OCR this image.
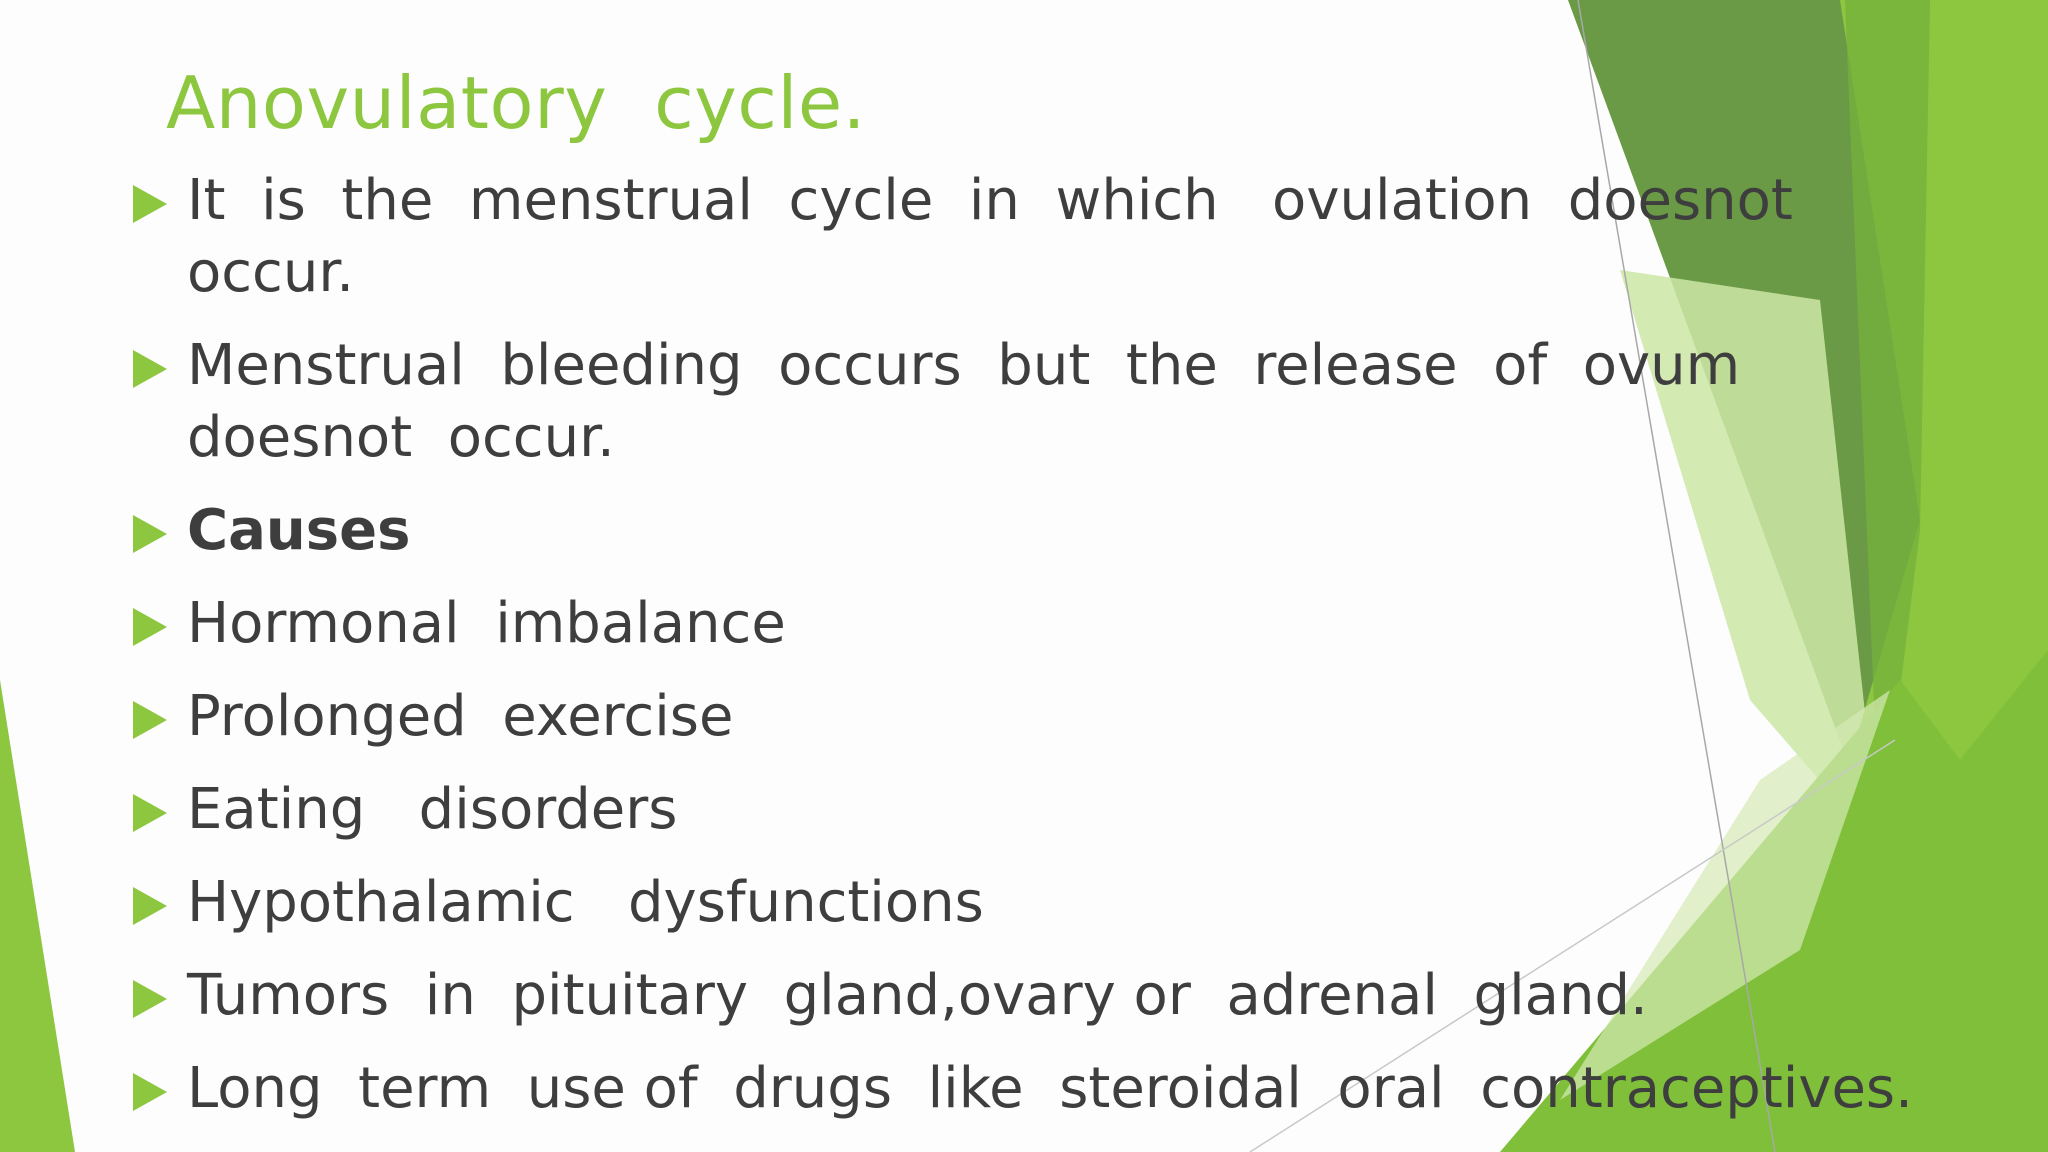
Anovulatory  cycle.
It  is  the  menstrual  cycle  in  which   ovulation  doesnot
occur.
Menstrual  bleeding  occurs  but  the  release  of  ovum
doesnot  occur.
Causes
Hormonal  imbalance
Prolonged  exercise
Eating   disorders
Hypothalamic   dysfunctions
Tumors  in  pituitary  gland,ovary or  adrenal  gland.
Long  term  use of  drugs  like  steroidal  oral  contraceptives.
